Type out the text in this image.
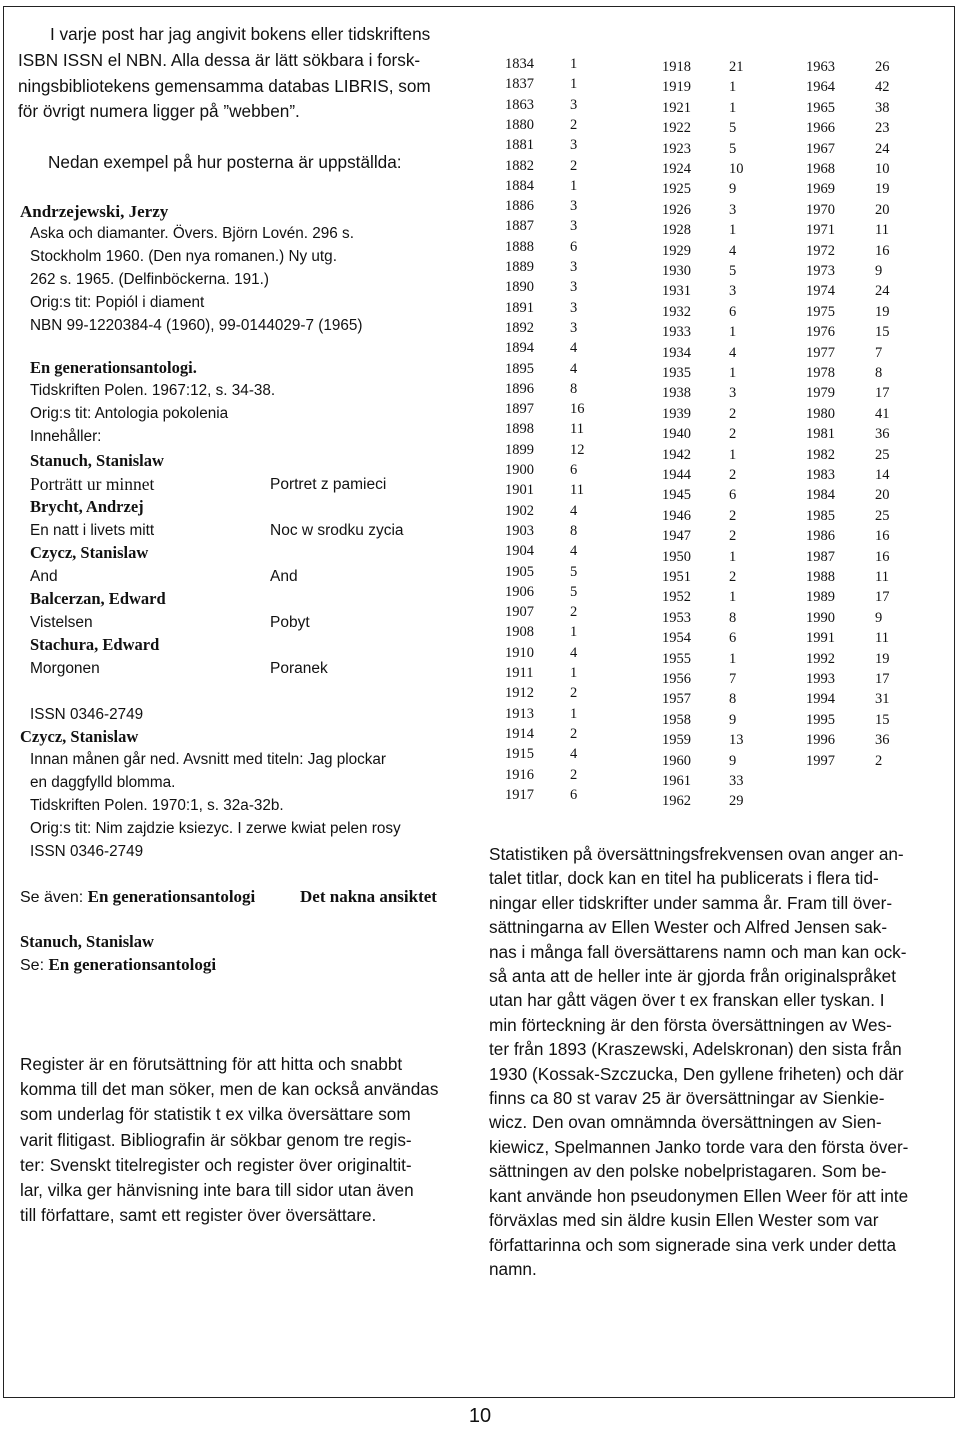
I varje post har jag angivit bokens eller tidskriftens
ISBN ISSN el NBN. Alla dessa är lätt sökbara i forsk-
ningsbibliotekens gemensamma databas LIBRIS, som
för övrigt numera ligger på ”webben”.
Nedan exempel på hur posterna är uppställda:
Andrzejewski, Jerzy
Aska och diamanter. Övers. Björn Lovén. 296 s.
Stockholm 1960. (Den nya romanen.) Ny utg.
262 s. 1965. (Delfinböckerna. 191.)
Orig:s tit: Popiól i diament
NBN 99-1220384-4 (1960), 99-0144029-7 (1965)
En generationsantologi.
Tidskriften Polen. 1967:12, s. 34-38.
Orig:s tit: Antologia pokolenia
Innehåller:
Stanuch, Stanislaw
Porträtt ur minnet	Portret z pamieci
Brycht, Andrzej
En natt i livets mitt	Noc w srodku zycia
Czycz, Stanislaw
And	And
Balcerzan, Edward
Vistelsen	Pobyt
Stachura, Edward
Morgonen	Poranek
ISSN 0346-2749
Czycz, Stanislaw
Innan månen går ned. Avsnitt med titeln: Jag plockar
en daggfylld blomma.
Tidskriften Polen. 1970:1, s. 32a-32b.
Orig:s tit: Nim zajdzie ksiezyc. I zerwe kwiat pelen rosy
ISSN 0346-2749
Se även: En generationsantologi	Det nakna ansiktet
Stanuch, Stanislaw
Se: En generationsantologi
Register är en förutsättning för att hitta och snabbt
komma till det man söker, men de kan också användas
som underlag för statistik t ex vilka översättare som
varit flitigast. Bibliografin är sökbar genom tre regis-
ter: Svenskt titelregister och register över originaltit-
lar, vilka ger hänvisning inte bara till sidor utan även
till författare, samt ett register över översättare.
1834 1
1837 1
1863 3
1880 2
1881 3
1882 2
1884 1
1886 3
1887 3
1888 6
1889 3
1890 3
1891 3
1892 3
1894 4
1895 4
1896 8
1897 16
1898 11
1899 12
1900 6
1901 11
1902 4
1903 8
1904 4
1905 5
1906 5
1907 2
1908 1
1910 4
1911	1
1912 2
1913 1
1914 2
1915 4
1916 2
1917 6
1918	21
1919	1
1921	1
1922	5
1923	5
1924	10
1925	9
1926	3
1928	1
1929	4
1930	5
1931	3
1932	6
1933	1
1934	4
1935	1
1938	3
1939	2
1940	2
1942	1
1944	2
1945	6
1946	2
1947	2
1950	1
1951	2
1952	1
1953	8
1954	6
1955	1
1956	7
1957	8
1958	9
1959	13
1960	9
1961	33
1962	29
1963	26
1964	42
1965	38
1966	23
1967	24
1968	10
1969	19
1970	20
1971	11
1972	16
1973	9
1974	24
1975	19
1976	15
1977	7
1978	8
1979	17
1980	41
1981	36
1982	25
1983	14
1984	20
1985	25
1986	16
1987	16
1988	11
1989	17
1990	9
1991	11
1992	19
1993	17
1994	31
1995	15
1996	36
1997	2
Statistiken på översättningsfrekvensen ovan anger an-
talet titlar, dock kan en titel ha publicerats i flera tid-
ningar eller tidskrifter under samma år. Fram till över-
sättningarna av Ellen Wester och Alfred Jensen sak-
nas i många fall översättarens namn och man kan ock-
så anta att de heller inte är gjorda från originalspråket
utan har gått vägen över t ex franskan eller tyskan. I
min förteckning är den första översättningen av Wes-
ter från 1893 (Kraszewski, Adelskronan) den sista från
1930 (Kossak-Szczucka, Den gyllene friheten) och där
finns ca 80 st varav 25 är översättningar av Sienkie-
wicz. Den ovan omnämnda översättningen av Sien-
kiewicz, Spelmannen Janko torde vara den första över-
sättningen av den polske nobelpristagaren. Som be-
kant använde hon pseudonymen Ellen Weer för att inte
förväxlas med sin äldre kusin Ellen Wester som var
författarinna och som signerade sina verk under detta
namn.
10
